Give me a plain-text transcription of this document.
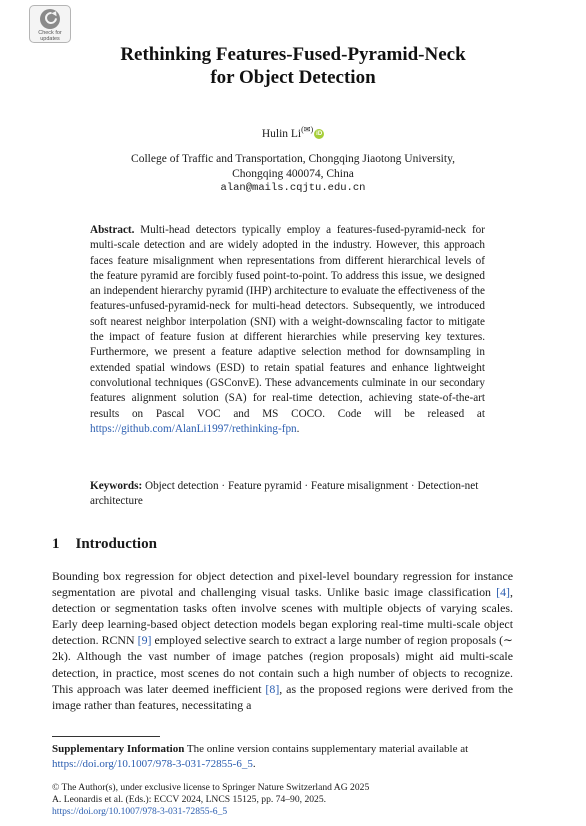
Check for updates
Rethinking Features-Fused-Pyramid-Neck
for Object Detection
Hulin Li(✉) iD
College of Traffic and Transportation, Chongqing Jiaotong University,
Chongqing 400074, China
alan@mails.cqjtu.edu.cn
Abstract. Multi-head detectors typically employ a features-fused-pyramid-neck for multi-scale detection and are widely adopted in the industry. However, this approach faces feature misalignment when representations from different hierarchical levels of the feature pyramid are forcibly fused point-to-point. To address this issue, we designed an independent hierarchy pyramid (IHP) architecture to evaluate the effectiveness of the features-unfused-pyramid-neck for multi-head detectors. Subsequently, we introduced soft nearest neighbor interpolation (SNI) with a weight-downscaling factor to mitigate the impact of feature fusion at different hierarchies while preserving key textures. Furthermore, we present a feature adaptive selection method for downsampling in extended spatial windows (ESD) to retain spatial features and enhance lightweight convolutional techniques (GSConvE). These advancements culminate in our secondary features alignment solution (SA) for real-time detection, achieving state-of-the-art results on Pascal VOC and MS COCO. Code will be released at https://github.com/AlanLi1997/rethinking-fpn.
Keywords: Object detection · Feature pyramid · Feature misalignment · Detection-net architecture
1 Introduction
Bounding box regression for object detection and pixel-level boundary regression for instance segmentation are pivotal and challenging visual tasks. Unlike basic image classification [4], detection or segmentation tasks often involve scenes with multiple objects of varying scales. Early deep learning-based object detection models began exploring real-time multi-scale object detection. RCNN [9] employed selective search to extract a large number of region proposals (∼ 2k). Although the vast number of image patches (region proposals) might aid multi-scale detection, in practice, most scenes do not contain such a high number of objects to recognize. This approach was later deemed inefficient [8], as the proposed regions were derived from the image rather than features, necessitating a
Supplementary Information The online version contains supplementary material available at https://doi.org/10.1007/978-3-031-72855-6_5.
© The Author(s), under exclusive license to Springer Nature Switzerland AG 2025
A. Leonardis et al. (Eds.): ECCV 2024, LNCS 15125, pp. 74–90, 2025.
https://doi.org/10.1007/978-3-031-72855-6_5
